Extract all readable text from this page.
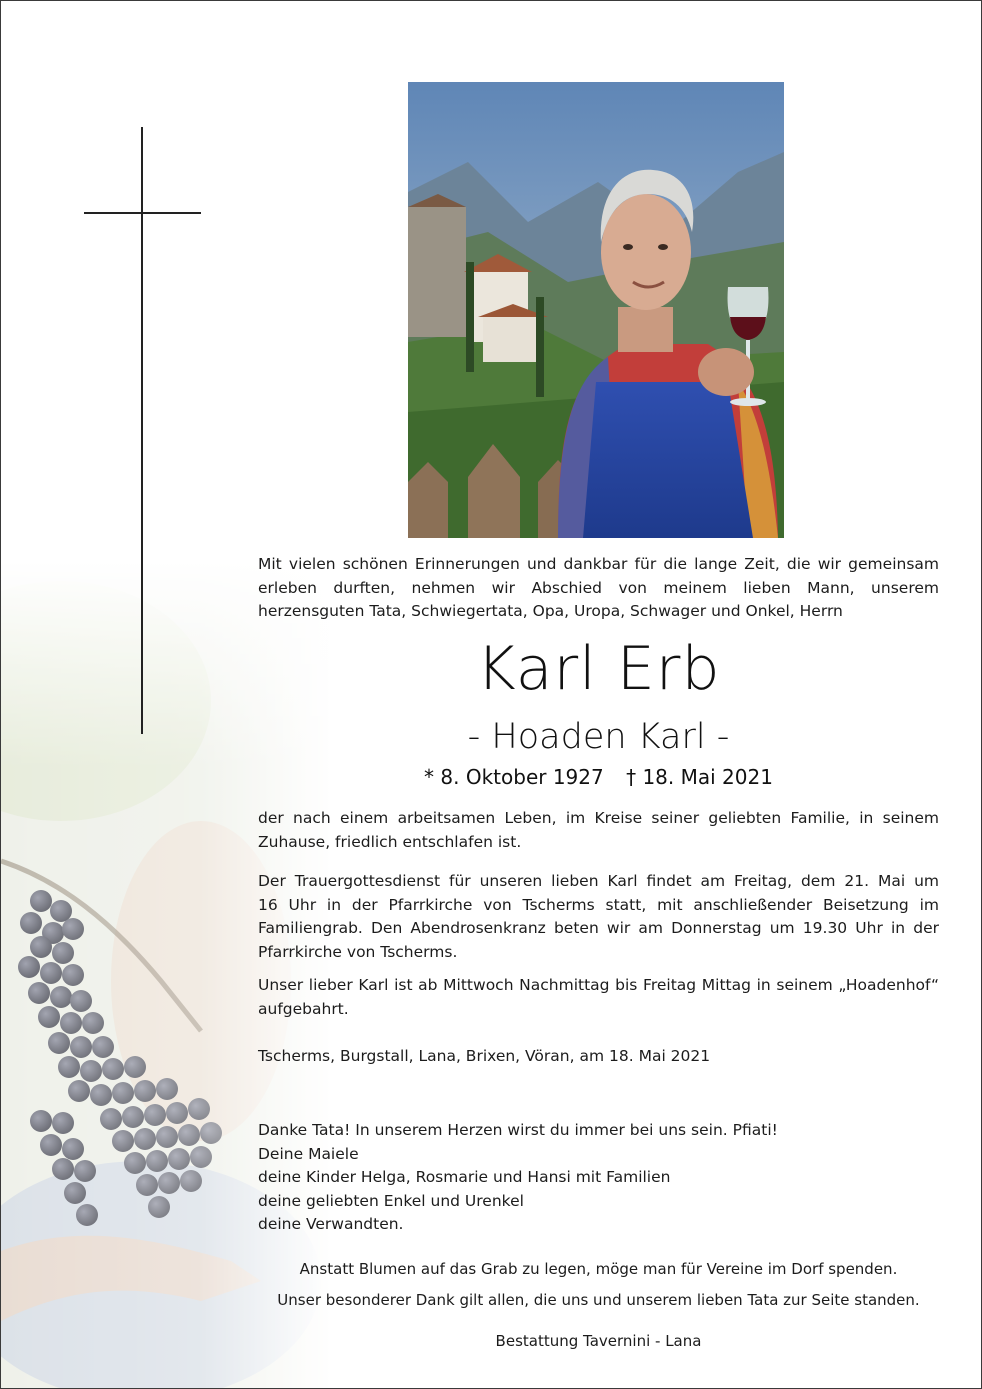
Mit vielen schönen Erinnerungen und dankbar für die lange Zeit, die wir gemeinsam

erleben durften, nehmen wir Abschied von meinem lieben Mann, unserem

herzensguten Tata, Schwiegertata, Opa, Uropa, Schwager und Onkel, Herrn

Karl Erb
- Hoaden Karl -
* 8. Oktober 1927 † 18. Mai 2021

der nach einem arbeitsamen Leben, im Kreise seiner geliebten Familie, in seinem

Zuhause, friedlich entschlafen ist.

Der Trauergottesdienst für unseren lieben Karl findet am Freitag, dem 21. Mai um

16 Uhr in der Pfarrkirche von Tscherms statt, mit anschließender Beisetzung im

Familiengrab. Den Abendrosenkranz beten wir am Donnerstag um 19.30 Uhr in der

Pfarrkirche von Tscherms.

Unser lieber Karl ist ab Mittwoch Nachmittag bis Freitag Mittag in seinem „Hoadenhof“

aufgebahrt.

Tscherms, Burgstall, Lana, Brixen, Vöran, am 18. Mai 2021
Danke Tata! In unserem Herzen wirst du immer bei uns sein. Pfiati!
Deine Maiele
deine Kinder Helga, Rosmarie und Hansi mit Familien
deine geliebten Enkel und Urenkel
deine Verwandten.
Anstatt Blumen auf das Grab zu legen, möge man für Vereine im Dorf spenden.
Unser besonderer Dank gilt allen, die uns und unserem lieben Tata zur Seite standen.
Bestattung Tavernini - Lana
